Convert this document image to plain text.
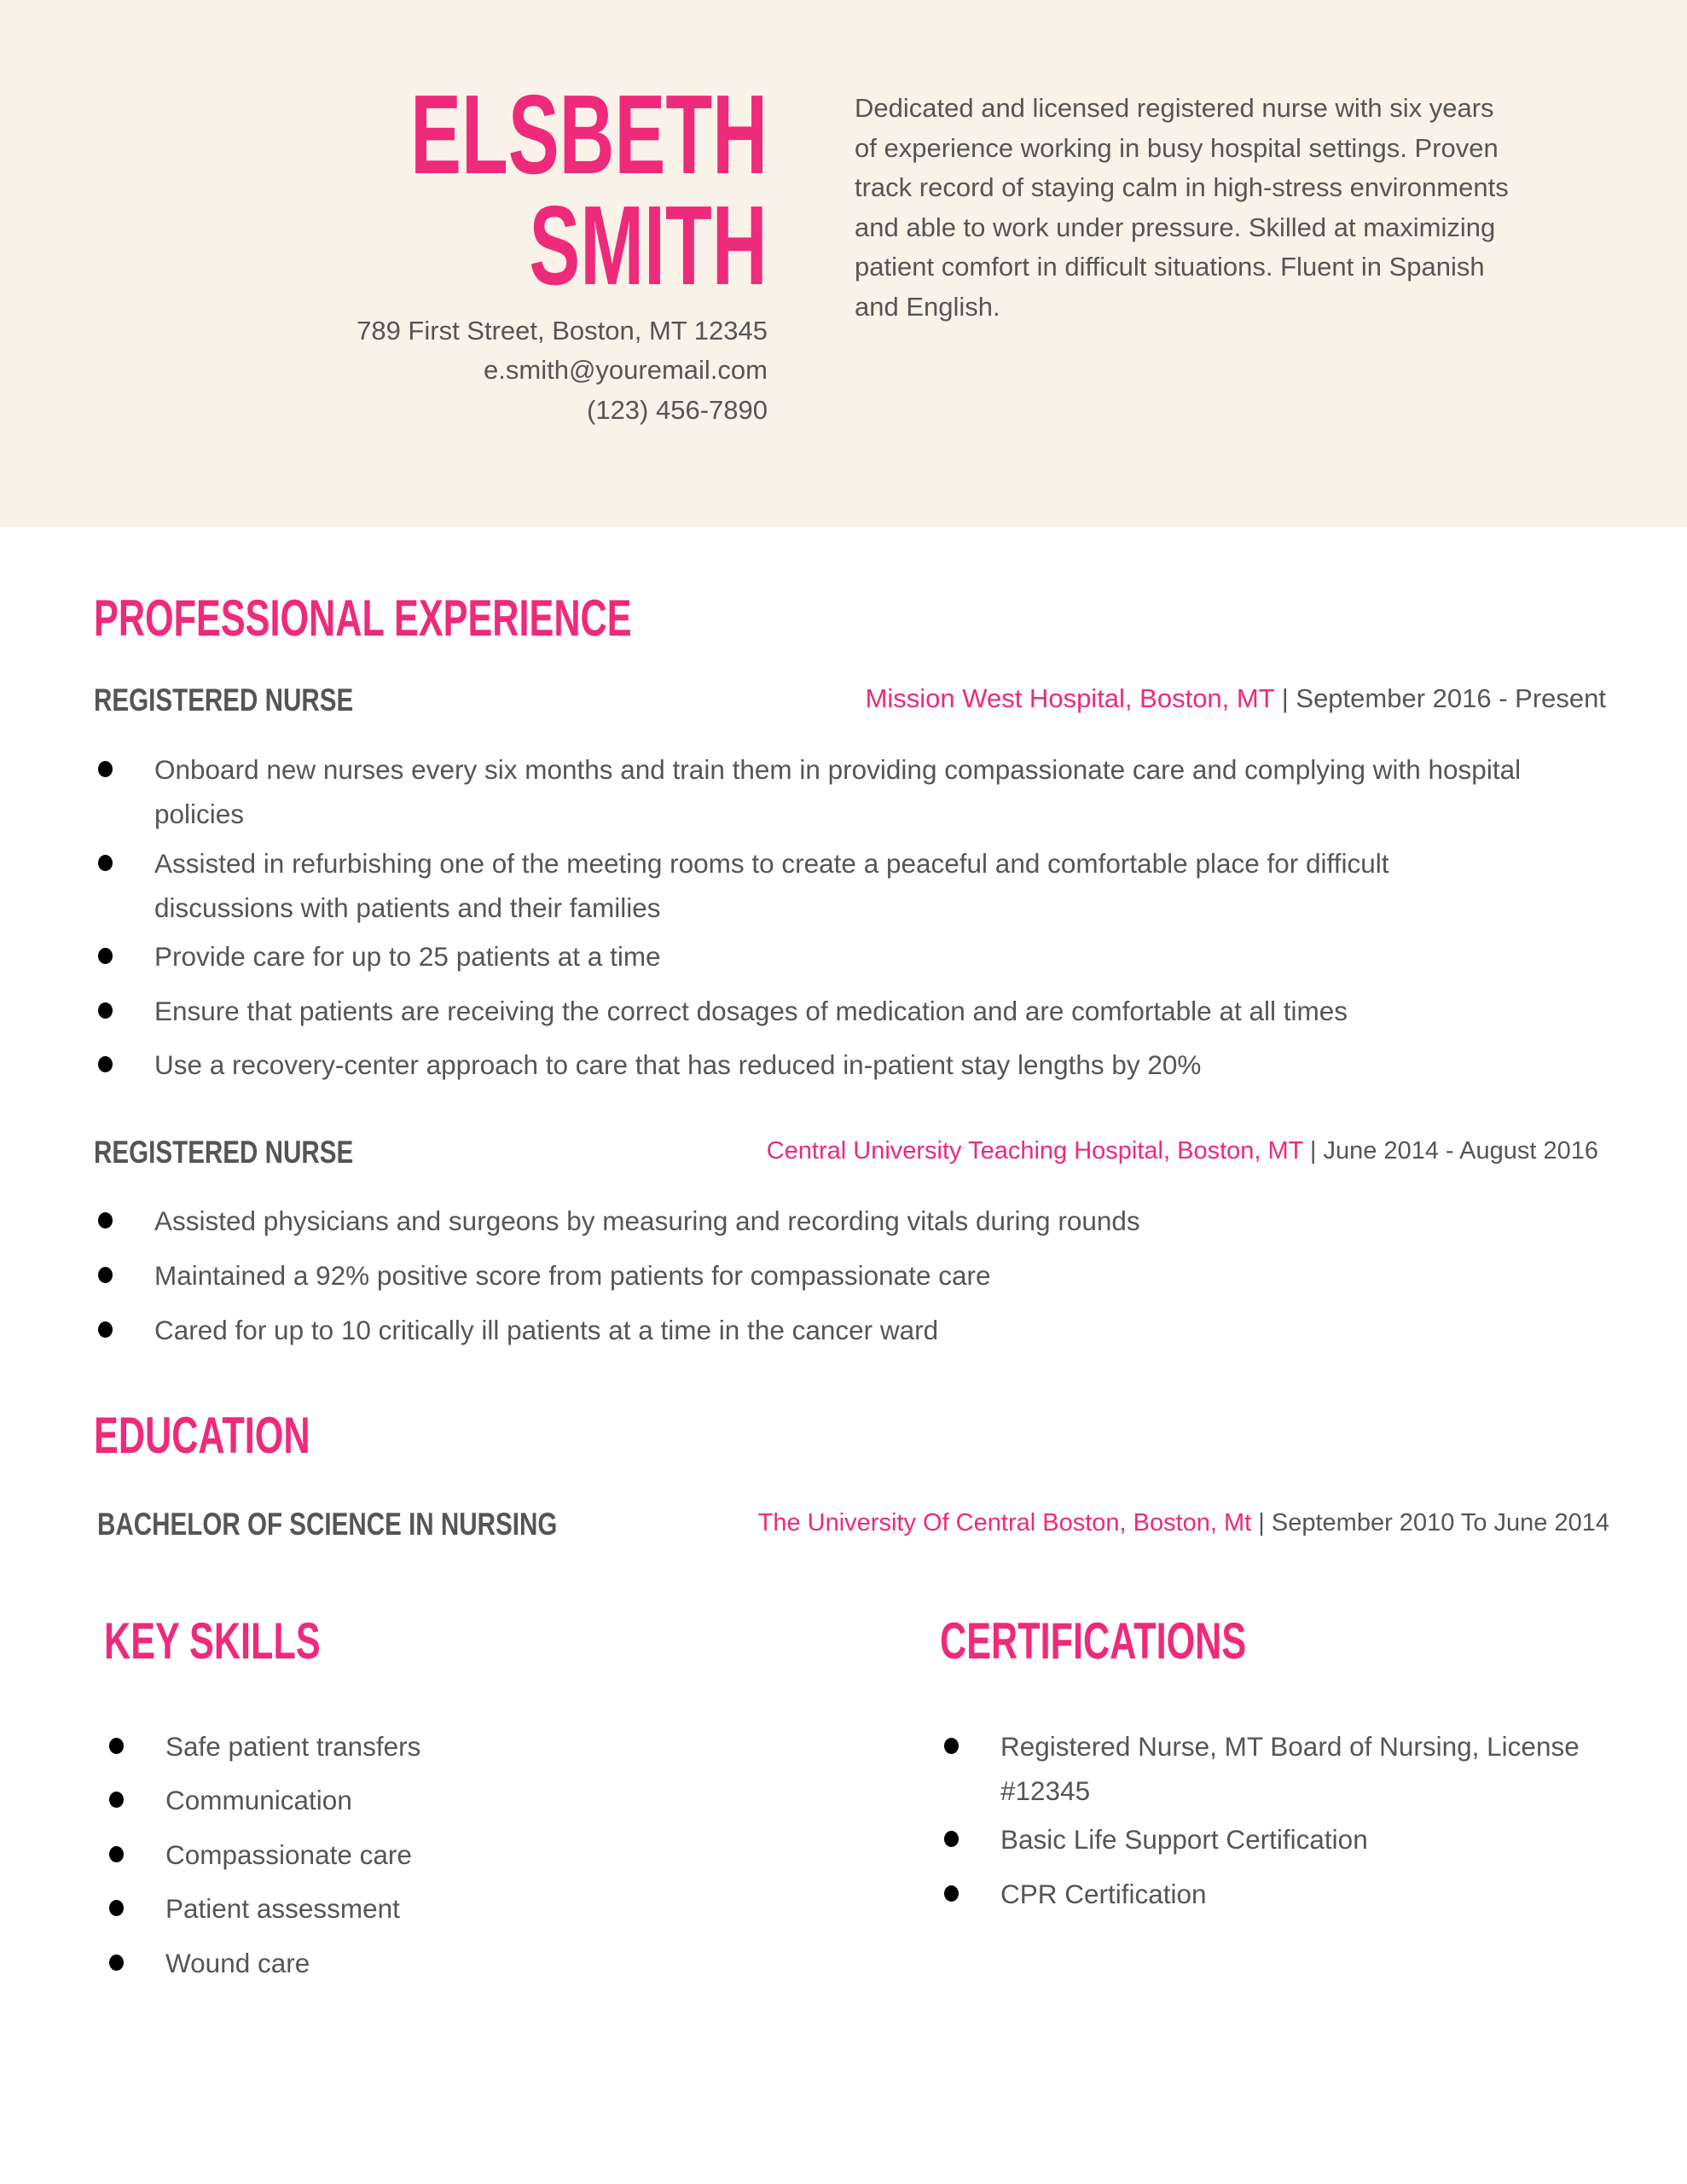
ELSBETH
SMITH
789 First Street, Boston, MT 12345
e.smith@youremail.com
(123) 456-7890
Dedicated and licensed registered nurse with six years of experience working in busy hospital settings. Proven track record of staying calm in high-stress environments and able to work under pressure. Skilled at maximizing patient comfort in difficult situations. Fluent in Spanish and English.
PROFESSIONAL EXPERIENCE
REGISTERED NURSE	Mission West Hospital, Boston, MT | September 2016 - Present
Onboard new nurses every six months and train them in providing compassionate care and complying with hospital policies
Assisted in refurbishing one of the meeting rooms to create a peaceful and comfortable place for difficult discussions with patients and their families
Provide care for up to 25 patients at a time
Ensure that patients are receiving the correct dosages of medication and are comfortable at all times
Use a recovery-center approach to care that has reduced in-patient stay lengths by 20%
REGISTERED NURSE	Central University Teaching Hospital, Boston, MT | June 2014 - August 2016
Assisted physicians and surgeons by measuring and recording vitals during rounds
Maintained a 92% positive score from patients for compassionate care
Cared for up to 10 critically ill patients at a time in the cancer ward
EDUCATION
BACHELOR OF SCIENCE IN NURSING	The University Of Central Boston, Boston, Mt | September 2010 To June 2014
KEY SKILLS	CERTIFICATIONS
Safe patient transfers
Communication
Compassionate care
Patient assessment
Wound care
Registered Nurse, MT Board of Nursing, License #12345
Basic Life Support Certification
CPR Certification
